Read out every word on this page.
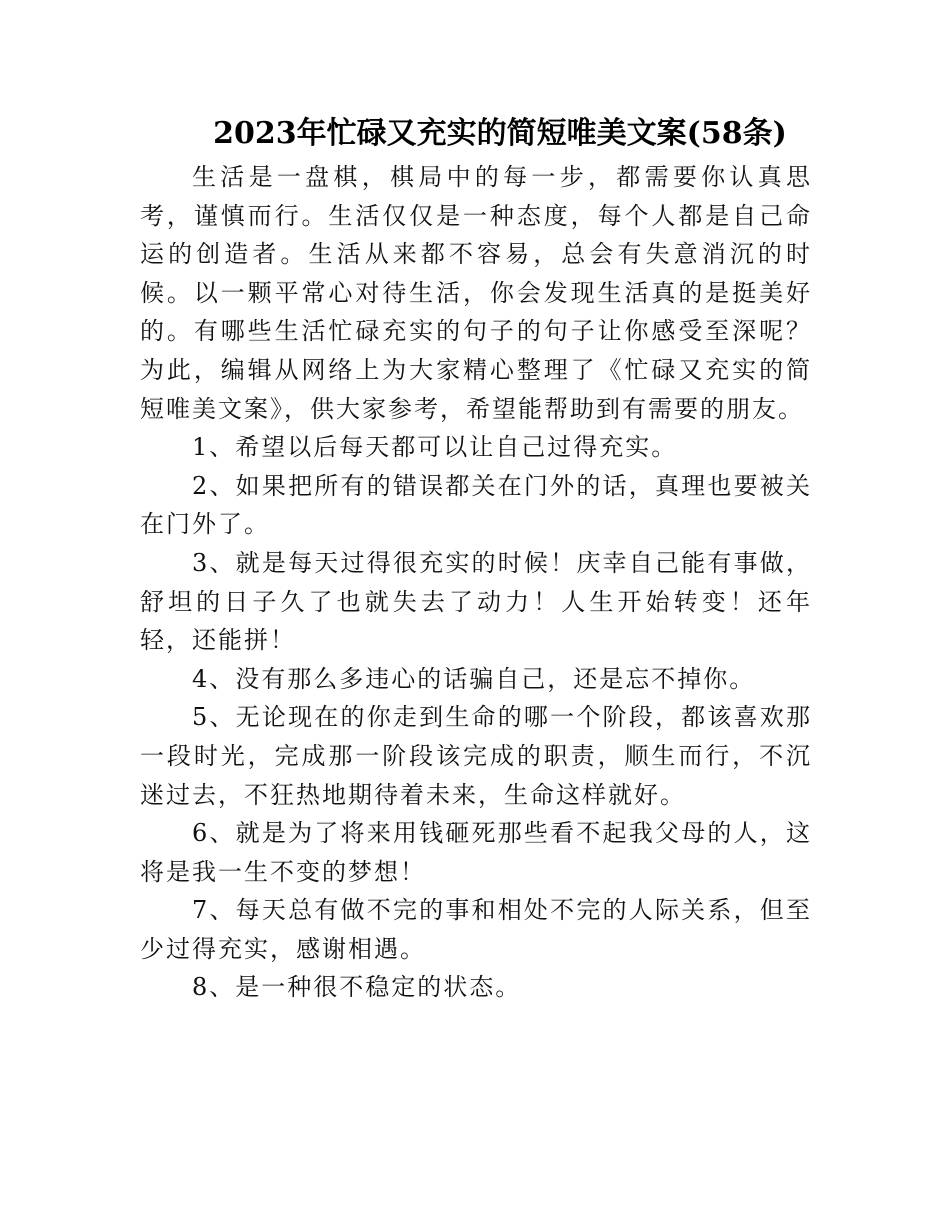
2023年忙碌又充实的简短唯美文案(58条)

生活是一盘棋，棋局中的每一步，都需要你认真思考，谨慎而行。生活仅仅是一种态度，每个人都是自己命运的创造者。生活从来都不容易，总会有失意消沉的时候。以一颗平常心对待生活，你会发现生活真的是挺美好的。有哪些生活忙碌充实的句子的句子让你感受至深呢？为此，编辑从网络上为大家精心整理了《忙碌又充实的简短唯美文案》，供大家参考，希望能帮助到有需要的朋友。

1、希望以后每天都可以让自己过得充实。

2、如果把所有的错误都关在门外的话，真理也要被关在门外了。

3、就是每天过得很充实的时候！庆幸自己能有事做，舒坦的日子久了也就失去了动力！人生开始转变！还年轻，还能拼！

4、没有那么多违心的话骗自己，还是忘不掉你。

5、无论现在的你走到生命的哪一个阶段，都该喜欢那一段时光，完成那一阶段该完成的职责，顺生而行，不沉迷过去，不狂热地期待着未来，生命这样就好。

6、就是为了将来用钱砸死那些看不起我父母的人，这将是我一生不变的梦想！

7、每天总有做不完的事和相处不完的人际关系，但至少过得充实，感谢相遇。

8、是一种很不稳定的状态。
